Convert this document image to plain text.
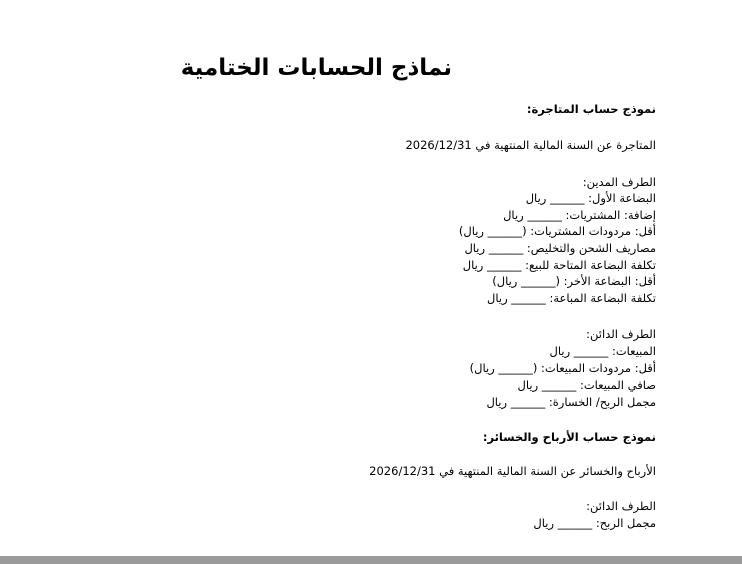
نماذج الحسابات الختامية
نموذج حساب المتاجرة:
المتاجرة عن السنة المالية المنتهية في 2026/12/31
الطرف المدين:
البضاعة الأول: ______ ريال
إضافة: المشتريات: ______ ريال
أقل: مردودات المشتريات: (______ ريال)
مصاريف الشحن والتخليص: ______ ريال
تكلفة البضاعة المتاحة للبيع: ______ ريال
أقل: البضاعة الأخر: (______ ريال)
تكلفة البضاعة المباعة: ______ ريال
الطرف الدائن:
المبيعات: ______ ريال
أقل: مردودات المبيعات: (______ ريال)
صافي المبيعات: ______ ريال
مجمل الربح/ الخسارة: ______ ريال
نموذج حساب الأرباح والخسائر:
الأرباح والخسائر عن السنة المالية المنتهية في 2026/12/31
الطرف الدائن:
مجمل الربح: ______ ريال
